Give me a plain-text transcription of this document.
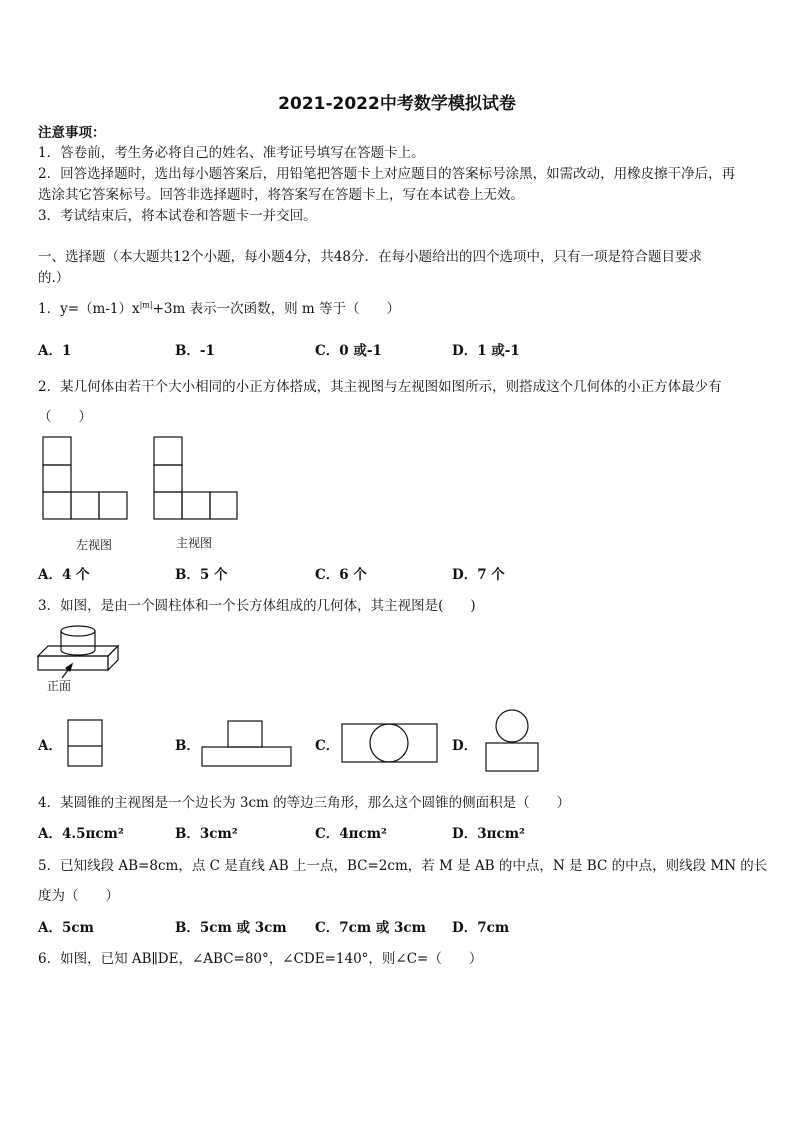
2021-2022中考数学模拟试卷
注意事项：
1．答卷前，考生务必将自己的姓名、准考证号填写在答题卡上。
2．回答选择题时，选出每小题答案后，用铅笔把答题卡上对应题目的答案标号涂黑，如需改动，用橡皮擦干净后，再
选涂其它答案标号。回答非选择题时，将答案写在答题卡上，写在本试卷上无效。
3．考试结束后，将本试卷和答题卡一并交回。
一、选择题（本大题共12个小题，每小题4分，共48分．在每小题给出的四个选项中，只有一项是符合题目要求
的.）
1．$y=(m-1)x^{|m|}+3m$ 表示一次函数，则 m 等于（　　）
A．1	B．-1	C．0 或-1	D．1 或-1
2．某几何体由若干个大小相同的小正方体搭成，其主视图与左视图如图所示，则搭成这个几何体的小正方体最少有
（　　）
左视图	主视图
A．4 个	B．5 个	C．6 个	D．7 个
3．如图，是由一个圆柱体和一个长方体组成的几何体，其主视图是(　　)
正面
A．	B．	C．	D．
4．某圆锥的主视图是一个边长为 3cm 的等边三角形，那么这个圆锥的侧面积是（　　）
A．4.5πcm²	B．3cm²	C．4πcm²	D．3πcm²
5．已知线段 AB=8cm，点 C 是直线 AB 上一点，BC=2cm，若 M 是 AB 的中点，N 是 BC 的中点，则线段 MN 的长
度为（　　）
A．5cm	B．5cm 或 3cm C．7cm 或 3cm D．7cm
6．如图，已知 AB∥DE，∠ABC=80°，∠CDE=140°，则∠C=（　　）
